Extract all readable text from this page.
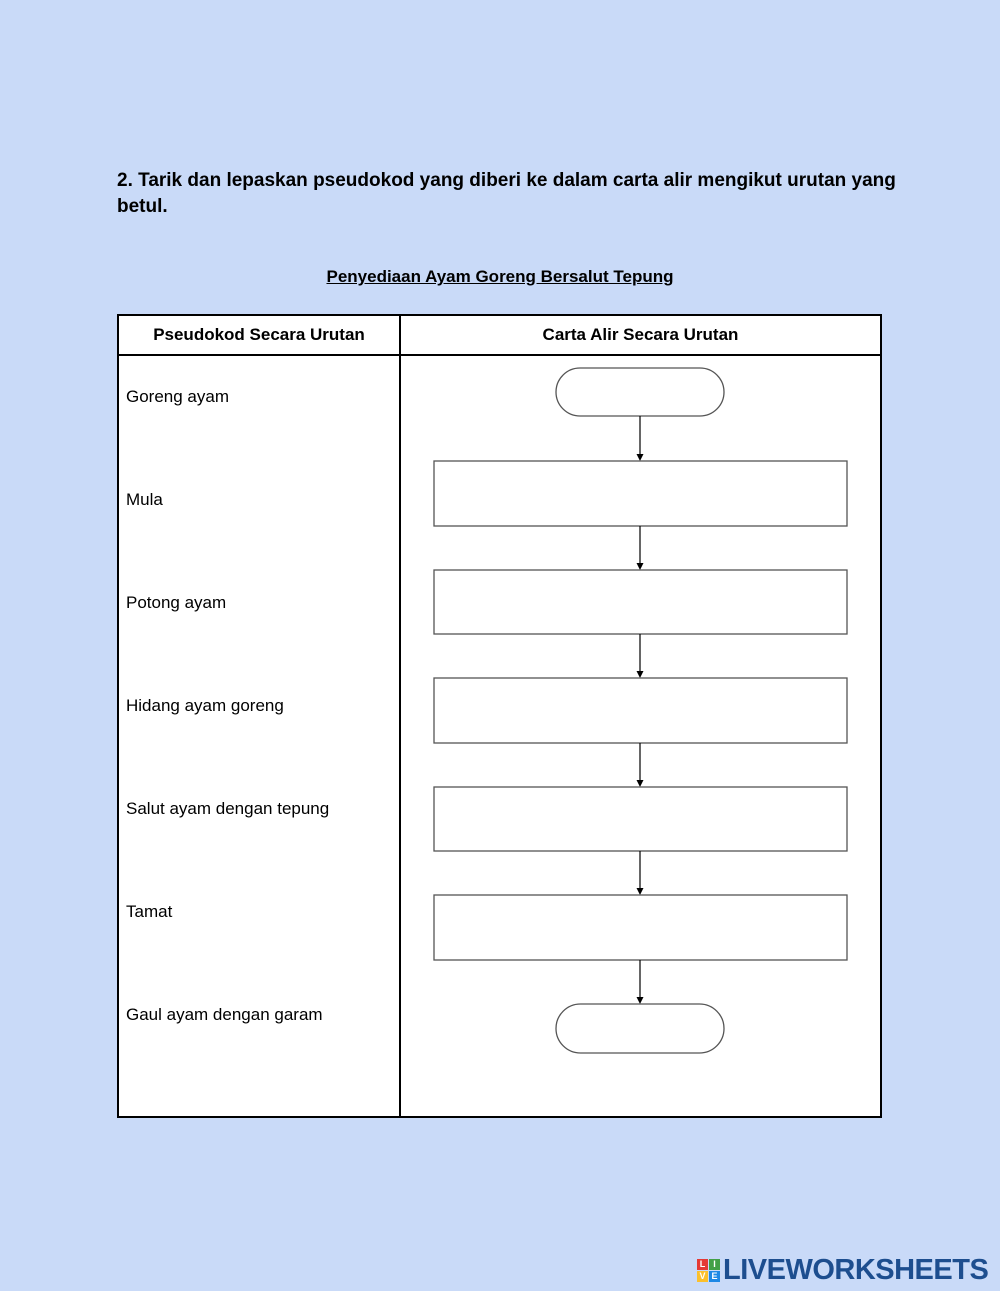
2. Tarik dan lepaskan pseudokod yang diberi ke dalam carta alir mengikut urutan yang betul.

Penyediaan Ayam Goreng Bersalut Tepung

Pseudokod Secara Urutan	Carta Alir Secara Urutan
Goreng ayam
Mula
Potong ayam
Hidang ayam goreng
Salut ayam dengan tepung
Tamat
Gaul ayam dengan garam
L I
V E LIVEWORKSHEETS
